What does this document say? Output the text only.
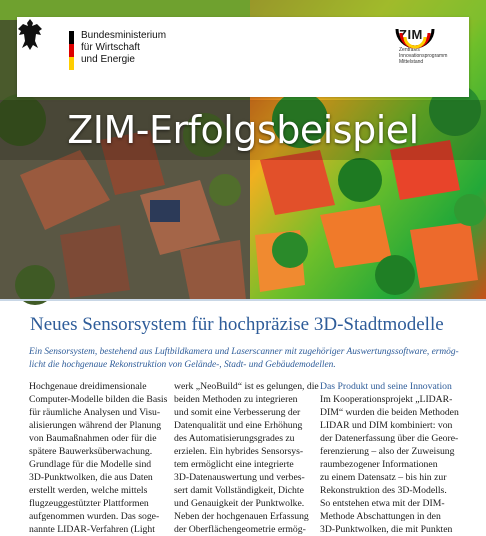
Bundesministerium
für Wirtschaft
und Energie
ZIM
Zentrales
Innovationsprogramm
Mittelstand
ZIM-Erfolgsbeispiel
Neues Sensorsystem für hochpräzise 3D-Stadtmodelle
Ein Sensorsystem, bestehend aus Luftbildkamera und Laserscanner mit zugehöriger Auswertungssoftware, ermög-
licht die hochgenaue Rekonstruktion von Gelände-, Stadt- und Gebäudemodellen.
Hochgenaue dreidimensionale
Computer-Modelle bilden die Basis
für räumliche Analysen und Visu-
alisierungen während der Planung
von Baumaßnahmen oder für die
spätere Bauwerksüberwachung.
Grundlage für die Modelle sind
3D-Punktwolken, die aus Daten
erstellt werden, welche mittels
flugzeuggestützter Plattformen
aufgenommen wurden. Das soge-
nannte LIDAR-Verfahren (Light
werk „NeoBuild“ ist es gelungen, die
beiden Methoden zu integrieren
und somit eine Verbesserung der
Datenqualität und eine Erhöhung
des Automatisierungsgrades zu
erzielen. Ein hybrides Sensorsys-
tem ermöglicht eine integrierte
3D-Datenauswertung und verbes-
sert damit Vollständigkeit, Dichte
und Genauigkeit der Punktwolke.
Neben der hochgenauen Erfassung
der Oberflächengeometrie ermög-
Das Produkt und seine Innovation
Im Kooperationsprojekt „LIDAR-
DIM“ wurden die beiden Methoden
LIDAR und DIM kombiniert: von
der Datenerfassung über die Geore-
ferenzierung – also der Zuweisung
raumbezogener Informationen
zu einem Datensatz – bis hin zur
Rekonstruktion des 3D-Modells.
So entstehen etwa mit der DIM-
Methode Abschattungen in den
3D-Punktwolken, die mit Punkten
